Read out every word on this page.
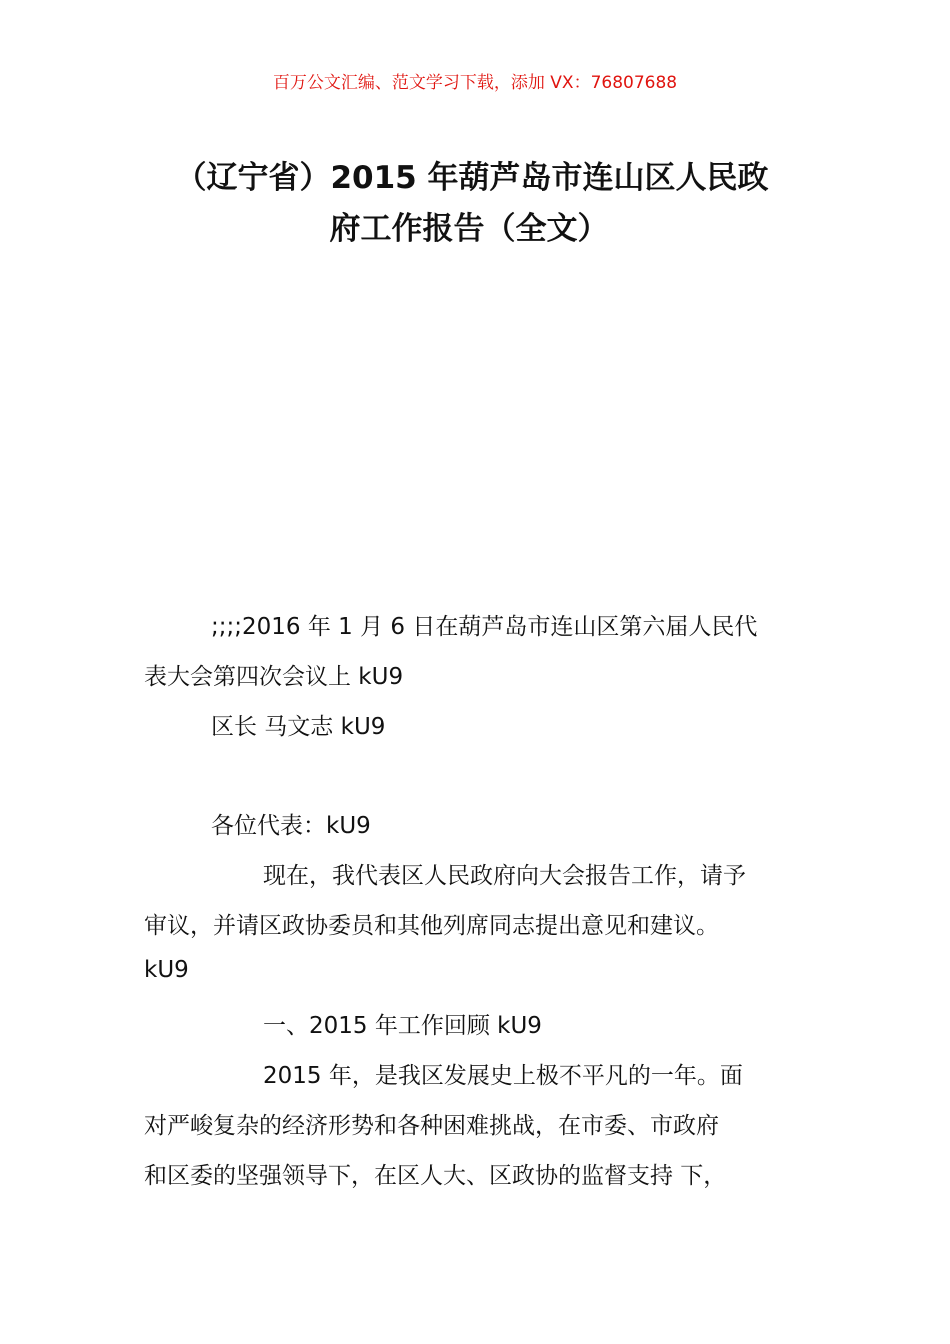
百万公文汇编、范文学习下载，添加 VX：76807688
（辽宁省）2015 年葫芦岛市连山区人民政
府工作报告（全文）
;;;;2016 年 1 月 6 日在葫芦岛市连山区第六届人民代
表大会第四次会议上 kU9
区长 马文志 kU9
各位代表：kU9
现在，我代表区人民政府向大会报告工作，请予
审议，并请区政协委员和其他列席同志提出意见和建议。
kU9
一、2015 年工作回顾 kU9
2015 年，是我区发展史上极不平凡的一年。面
对严峻复杂的经济形势和各种困难挑战，在市委、市政府
和区委的坚强领导下，在区人大、区政协的监督支持 下，
